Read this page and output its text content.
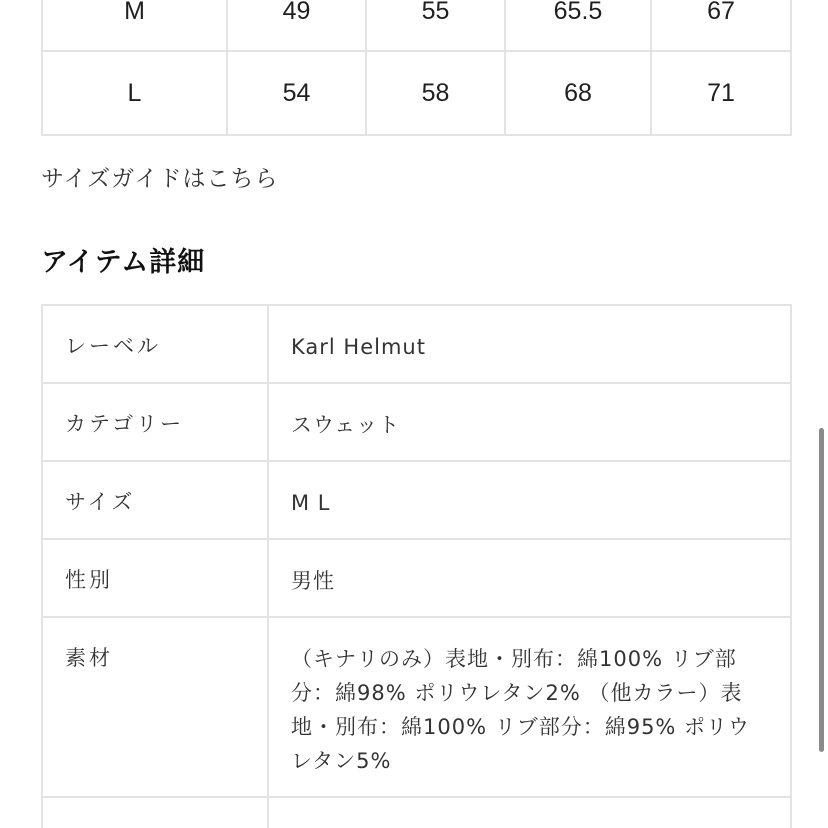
M	49	55	65.5	67
L	54	58	68	71
サイズガイドはこちら
アイテム詳細
レーベル	Karl Helmut
カテゴリー	スウェット
サイズ	M L
性別	男性
素材	（キナリのみ）表地・別布：綿100% リブ部分：綿98% ポリウレタン2% （他カラー）表地・別布：綿100% リブ部分：綿95% ポリウレタン5%
